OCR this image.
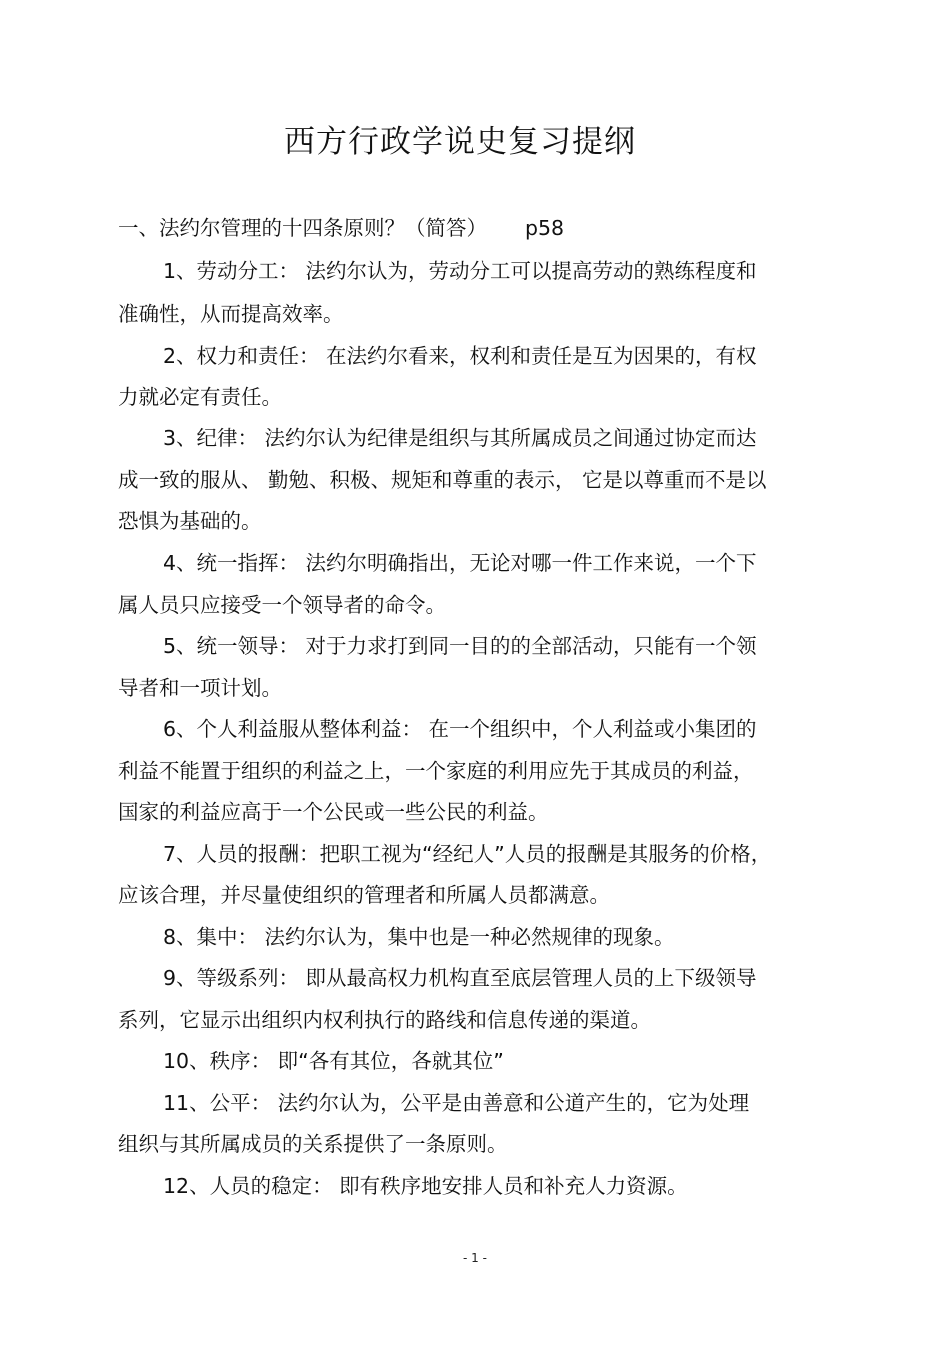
西方行政学说史复习提纲
一、法约尔管理的十四条原则？（简答） p58
1、劳动分工： 法约尔认为，劳动分工可以提高劳动的熟练程度和
准确性，从而提高效率。
2、权力和责任： 在法约尔看来，权利和责任是互为因果的，有权
力就必定有责任。
3、纪律： 法约尔认为纪律是组织与其所属成员之间通过协定而达
成一致的服从、 勤勉、积极、规矩和尊重的表示， 它是以尊重而不是以
恐惧为基础的。
4、统一指挥： 法约尔明确指出，无论对哪一件工作来说，一个下
属人员只应接受一个领导者的命令。
5、统一领导： 对于力求打到同一目的的全部活动，只能有一个领
导者和一项计划。
6、个人利益服从整体利益： 在一个组织中，个人利益或小集团的
利益不能置于组织的利益之上，一个家庭的利用应先于其成员的利益，
国家的利益应高于一个公民或一些公民的利益。
7、人员的报酬：把职工视为“经纪人”人员的报酬是其服务的价格，
应该合理，并尽量使组织的管理者和所属人员都满意。
8、集中： 法约尔认为，集中也是一种必然规律的现象。
9、等级系列： 即从最高权力机构直至底层管理人员的上下级领导
系列，它显示出组织内权利执行的路线和信息传递的渠道。
10、秩序： 即“各有其位，各就其位”
11、公平： 法约尔认为，公平是由善意和公道产生的，它为处理
组织与其所属成员的关系提供了一条原则。
12、人员的稳定： 即有秩序地安排人员和补充人力资源。
- 1 -
